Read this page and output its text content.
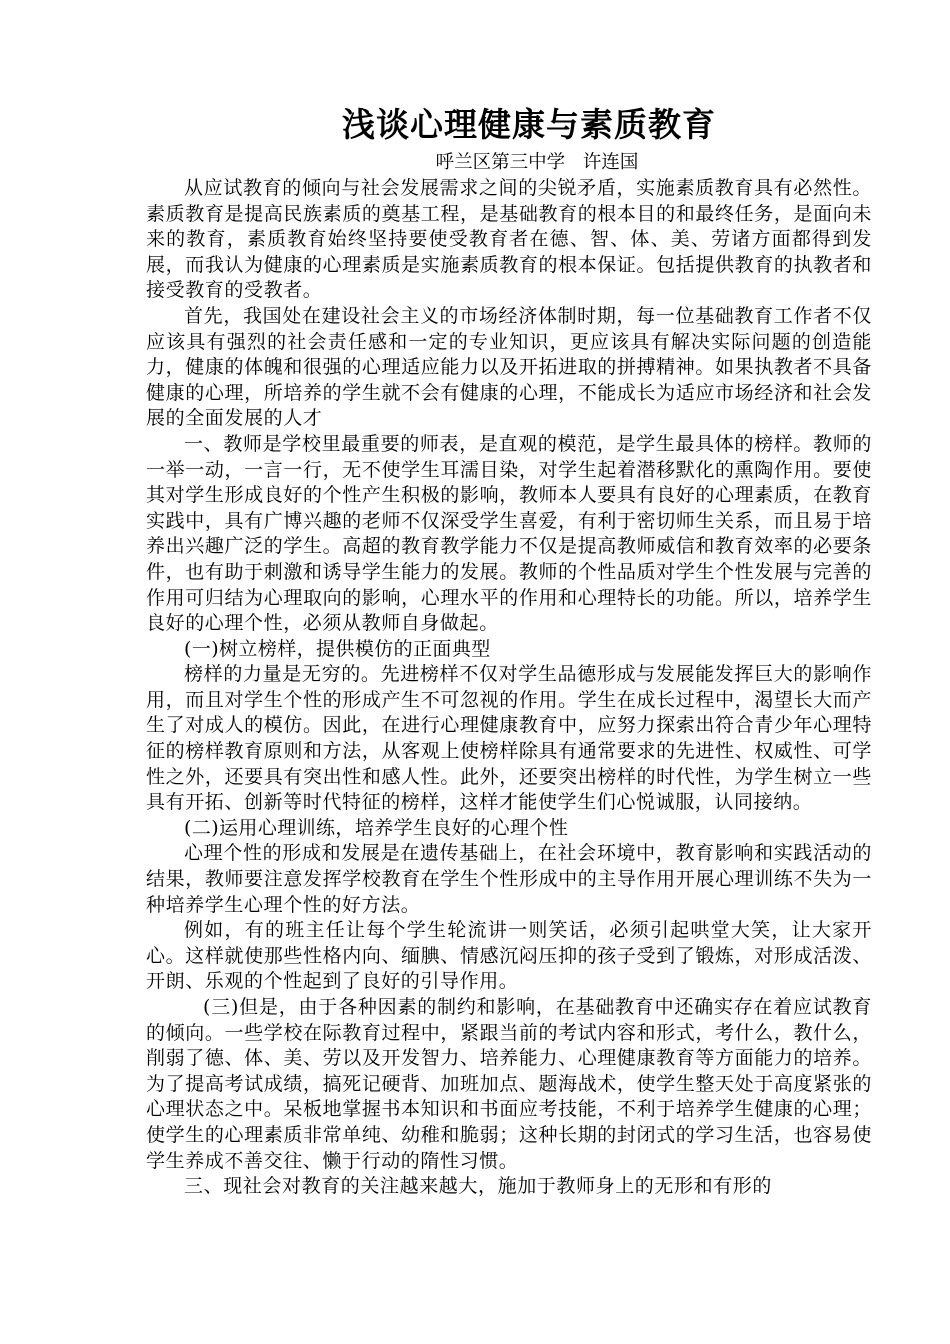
浅谈心理健康与素质教育

呼兰区第三中学   许连国

从应试教育的倾向与社会发展需求之间的尖锐矛盾，实施素质教育具有必然性。素质教育是提高民族素质的奠基工程，是基础教育的根本目的和最终任务，是面向未来的教育，素质教育始终坚持要使受教育者在德、智、体、美、劳诸方面都得到发展，而我认为健康的心理素质是实施素质教育的根本保证。包括提供教育的执教者和接受教育的受教者。

首先，我国处在建设社会主义的市场经济体制时期，每一位基础教育工作者不仅应该具有强烈的社会责任感和一定的专业知识，更应该具有解决实际问题的创造能力，健康的体魄和很强的心理适应能力以及开拓进取的拼搏精神。如果执教者不具备健康的心理，所培养的学生就不会有健康的心理，不能成长为适应市场经济和社会发展的全面发展的人才

一、教师是学校里最重要的师表，是直观的模范，是学生最具体的榜样。教师的一举一动，一言一行，无不使学生耳濡目染，对学生起着潜移默化的熏陶作用。要使其对学生形成良好的个性产生积极的影响，教师本人要具有良好的心理素质，在教育实践中，具有广博兴趣的老师不仅深受学生喜爱，有利于密切师生关系，而且易于培养出兴趣广泛的学生。高超的教育教学能力不仅是提高教师威信和教育效率的必要条件，也有助于刺激和诱导学生能力的发展。教师的个性品质对学生个性发展与完善的作用可归结为心理取向的影响，心理水平的作用和心理特长的功能。所以，培养学生良好的心理个性，必须从教师自身做起。

(一)树立榜样，提供模仿的正面典型

榜样的力量是无穷的。先进榜样不仅对学生品德形成与发展能发挥巨大的影响作用，而且对学生个性的形成产生不可忽视的作用。学生在成长过程中，渴望长大而产生了对成人的模仿。因此，在进行心理健康教育中，应努力探索出符合青少年心理特征的榜样教育原则和方法，从客观上使榜样除具有通常要求的先进性、权威性、可学性之外，还要具有突出性和感人性。此外，还要突出榜样的时代性，为学生树立一些具有开拓、创新等时代特征的榜样，这样才能使学生们心悦诚服，认同接纳。

(二)运用心理训练，培养学生良好的心理个性

心理个性的形成和发展是在遗传基础上，在社会环境中，教育影响和实践活动的结果，教师要注意发挥学校教育在学生个性形成中的主导作用开展心理训练不失为一种培养学生心理个性的好方法。

例如，有的班主任让每个学生轮流讲一则笑话，必须引起哄堂大笑，让大家开心。这样就使那些性格内向、缅腆、情感沉闷压抑的孩子受到了锻炼，对形成活泼、开朗、乐观的个性起到了良好的引导作用。

(三)但是，由于各种因素的制约和影响，在基础教育中还确实存在着应试教育的倾向。一些学校在际教育过程中，紧跟当前的考试内容和形式，考什么，教什么，削弱了德、体、美、劳以及开发智力、培养能力、心理健康教育等方面能力的培养。为了提高考试成绩，搞死记硬背、加班加点、题海战术，使学生整天处于高度紧张的心理状态之中。呆板地掌握书本知识和书面应考技能，不利于培养学生健康的心理；使学生的心理素质非常单纯、幼稚和脆弱；这种长期的封闭式的学习生活，也容易使学生养成不善交往、懒于行动的隋性习惯。

三、现社会对教育的关注越来越大，施加于教师身上的无形和有形的
